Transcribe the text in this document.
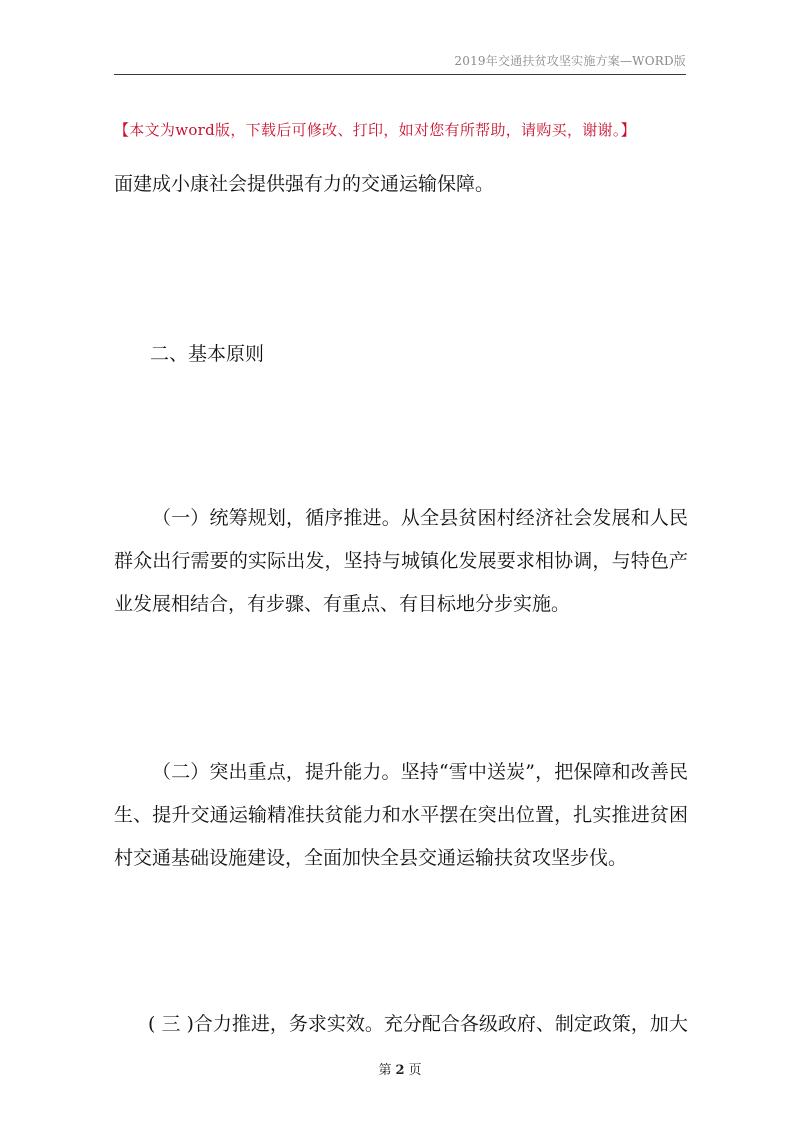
2019年交通扶贫攻坚实施方案—WORD版
【本文为word版，下载后可修改、打印，如对您有所帮助，请购买，谢谢。】

面建成小康社会提供强有力的交通运输保障。

二、基本原则

（一）统筹规划，循序推进。从全县贫困村经济社会发展和人民群众出行需要的实际出发，坚持与城镇化发展要求相协调，与特色产业发展相结合，有步骤、有重点、有目标地分步实施。

（二）突出重点，提升能力。坚持“雪中送炭”，把保障和改善民生、提升交通运输精准扶贫能力和水平摆在突出位置，扎实推进贫困村交通基础设施建设，全面加快全县交通运输扶贫攻坚步伐。

( 三 )合力推进，务求实效。充分配合各级政府、制定政策，加大

第 2 页
